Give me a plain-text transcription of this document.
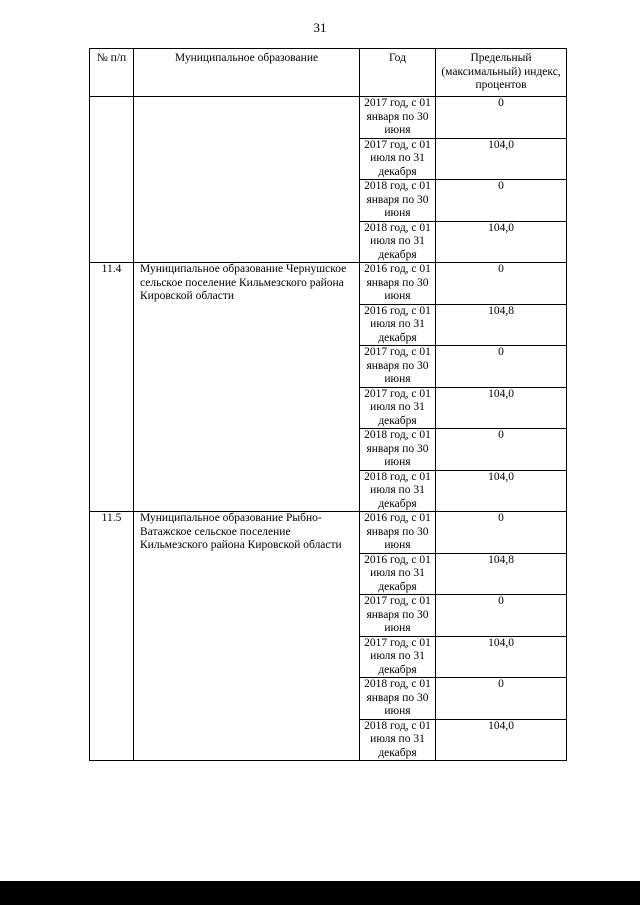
31
№ п/п	Муниципальное образование	Год	Предельный (максимальный) индекс, процентов
		2017 год, с 01 января по 30 июня	0
		2017 год, с 01 июля по 31 декабря	104,0
		2018 год, с 01 января по 30 июня	0
		2018 год, с 01 июля по 31 декабря	104,0
11.4	Муниципальное образование Чернушское сельское поселение Кильмезского района Кировской области	2016 год, с 01 января по 30 июня	0
		2016 год, с 01 июля по 31 декабря	104,8
		2017 год, с 01 января по 30 июня	0
		2017 год, с 01 июля по 31 декабря	104,0
		2018 год, с 01 января по 30 июня	0
		2018 год, с 01 июля по 31 декабря	104,0
11.5	Муниципальное образование Рыбно-Ватажское сельское поселение Кильмезского района Кировской области	2016 год, с 01 января по 30 июня	0
		2016 год, с 01 июля по 31 декабря	104,8
		2017 год, с 01 января по 30 июня	0
		2017 год, с 01 июля по 31 декабря	104,0
		2018 год, с 01 января по 30 июня	0
		2018 год, с 01 июля по 31 декабря	104,0
